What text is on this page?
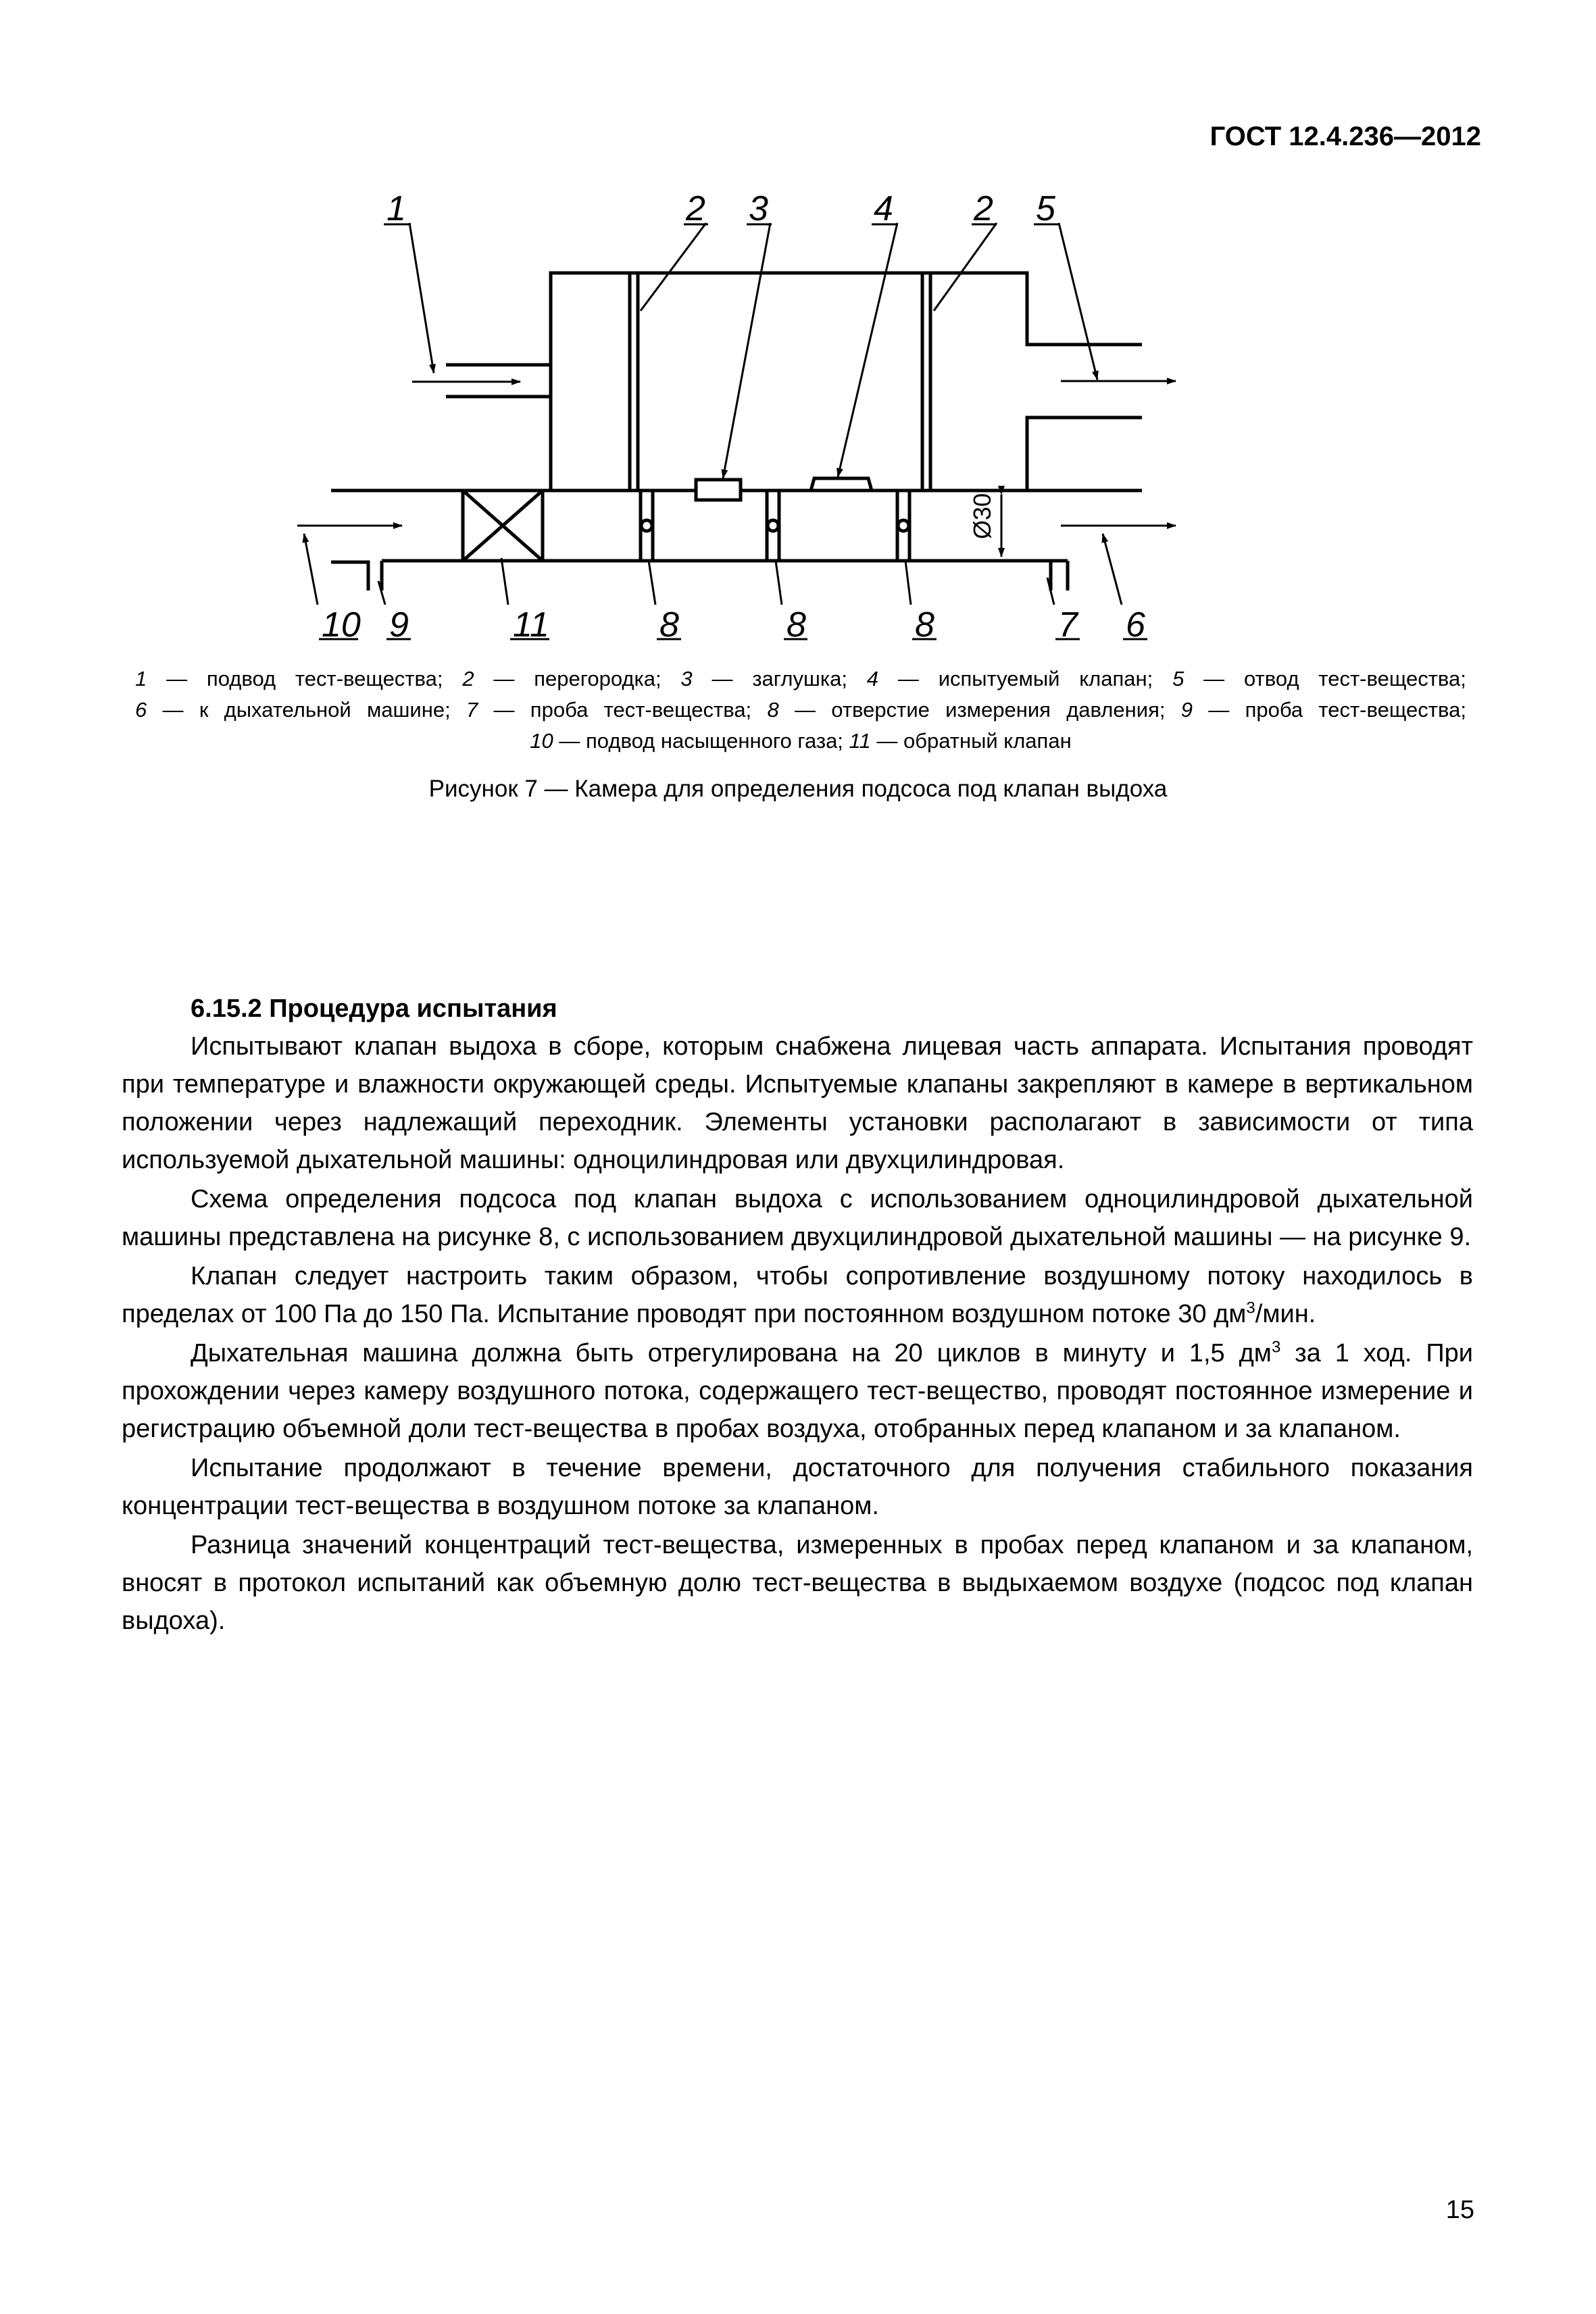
ГОСТ 12.4.236—2012
Ø30
1	2 3	4 2 5
10 9	11	8	8	8	7 6
1 — подвод тест-вещества; 2 — перегородка; 3 — заглушка; 4 — испытуемый клапан; 5 — отвод тест-вещества;
6 — к дыхательной машине; 7 — проба тест-вещества; 8 — отверстие измерения давления; 9 — проба тест-вещества;
10 — подвод насыщенного газа; 11 — обратный клапан
Рисунок 7 — Камера для определения подсоса под клапан выдоха
6.15.2 Процедура испытания

Испытывают клапан выдоха в сборе, которым снабжена лицевая часть аппарата. Испытания проводят при температуре и влажности окружающей среды. Испытуемые клапаны закрепляют в камере в вертикальном положении через надлежащий переходник. Элементы установки располагают в зависимости от типа используемой дыхательной машины: одноцилиндровая или двухцилиндровая.

Схема определения подсоса под клапан выдоха с использованием одноцилиндровой дыхательной машины представлена на рисунке 8, с использованием двухцилиндровой дыхательной машины — на рисунке 9.

Клапан следует настроить таким образом, чтобы сопротивление воздушному потоку находилось в пределах от 100 Па до 150 Па. Испытание проводят при постоянном воздушном потоке 30 $дм^3$/мин.

Дыхательная машина должна быть отрегулирована на 20 циклов в минуту и 1,5 $дм^3$ за 1 ход. При прохождении через камеру воздушного потока, содержащего тест-вещество, проводят постоянное измерение и регистрацию объемной доли тест-вещества в пробах воздуха, отобранных перед клапаном и за клапаном.

Испытание продолжают в течение времени, достаточного для получения стабильного показания концентрации тест-вещества в воздушном потоке за клапаном.

Разница значений концентраций тест-вещества, измеренных в пробах перед клапаном и за клапаном, вносят в протокол испытаний как объемную долю тест-вещества в выдыхаемом воздухе (подсос под клапан выдоха).

15
